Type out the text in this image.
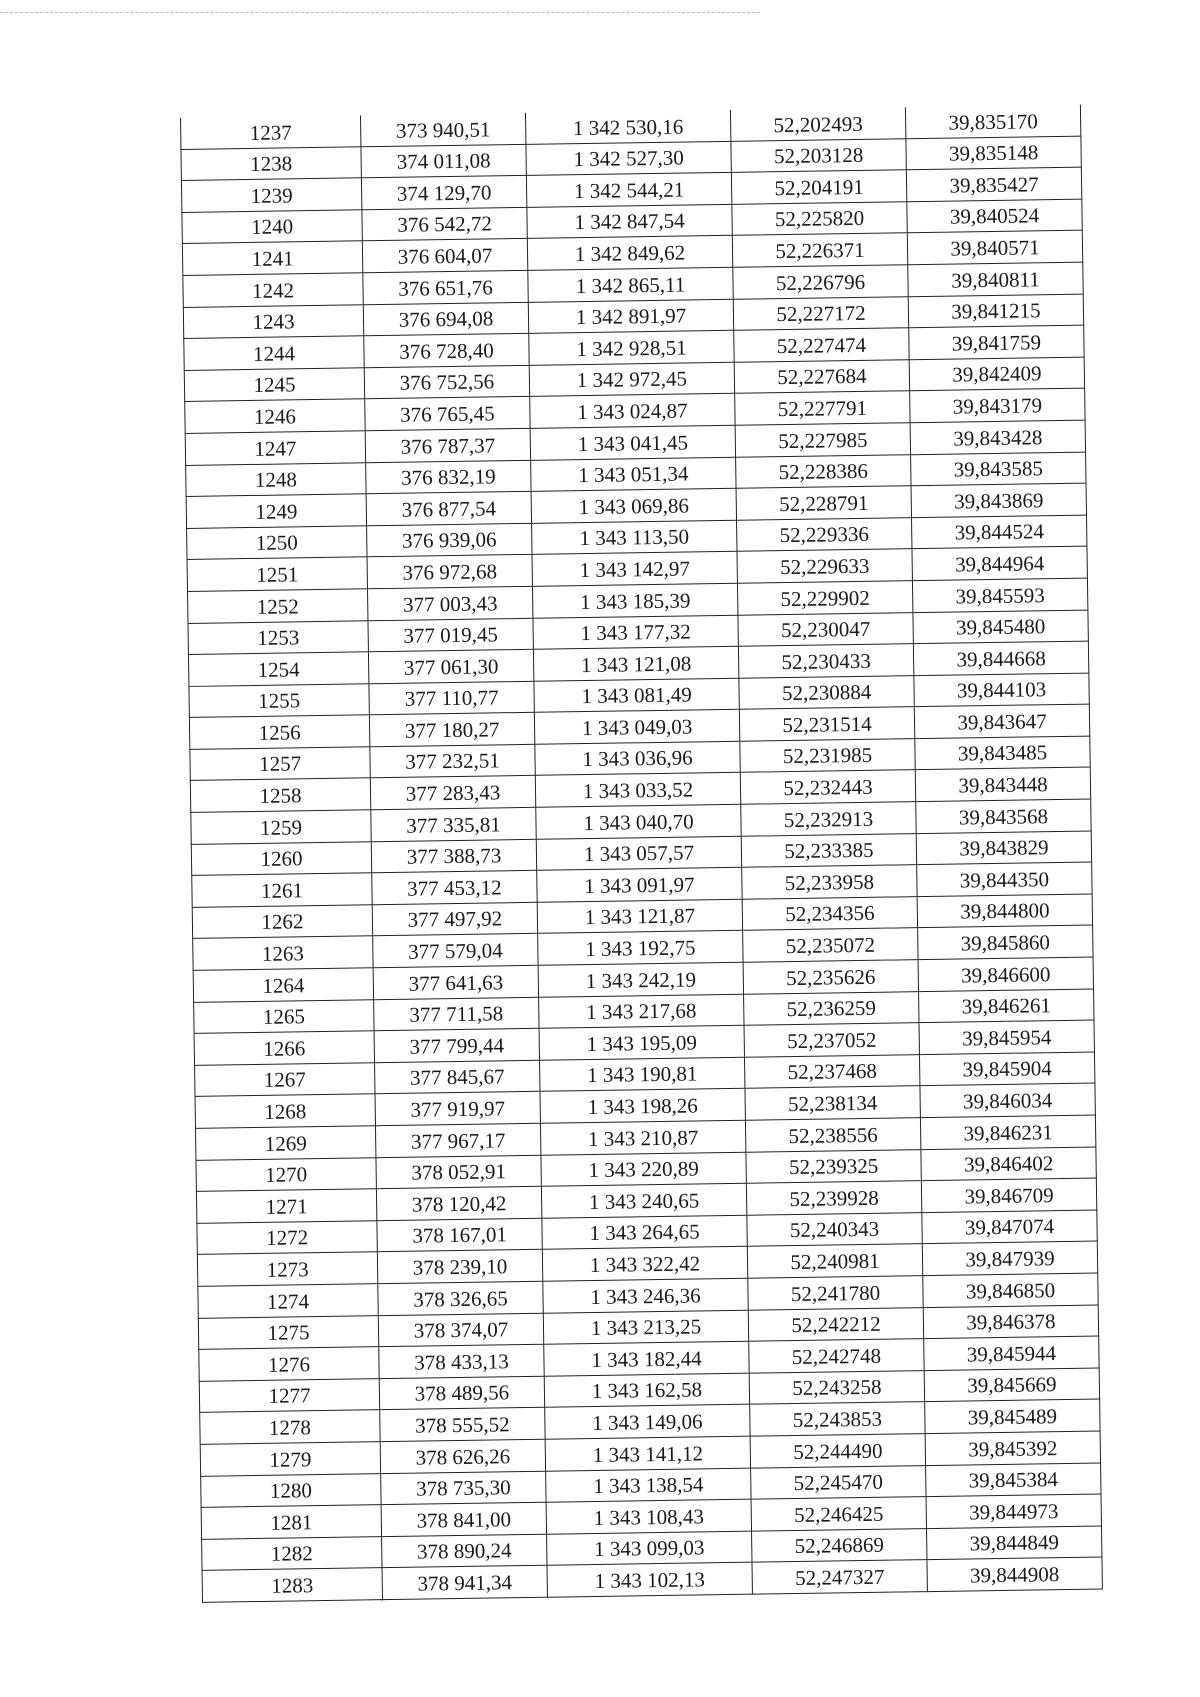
1237	373 940,51	1 342 530,16	52,202493	39,835170
1238	374 011,08	1 342 527,30	52,203128	39,835148
1239	374 129,70	1 342 544,21	52,204191	39,835427
1240	376 542,72	1 342 847,54	52,225820	39,840524
1241	376 604,07	1 342 849,62	52,226371	39,840571
1242	376 651,76	1 342 865,11	52,226796	39,840811
1243	376 694,08	1 342 891,97	52,227172	39,841215
1244	376 728,40	1 342 928,51	52,227474	39,841759
1245	376 752,56	1 342 972,45	52,227684	39,842409
1246	376 765,45	1 343 024,87	52,227791	39,843179
1247	376 787,37	1 343 041,45	52,227985	39,843428
1248	376 832,19	1 343 051,34	52,228386	39,843585
1249	376 877,54	1 343 069,86	52,228791	39,843869
1250	376 939,06	1 343 113,50	52,229336	39,844524
1251	376 972,68	1 343 142,97	52,229633	39,844964
1252	377 003,43	1 343 185,39	52,229902	39,845593
1253	377 019,45	1 343 177,32	52,230047	39,845480
1254	377 061,30	1 343 121,08	52,230433	39,844668
1255	377 110,77	1 343 081,49	52,230884	39,844103
1256	377 180,27	1 343 049,03	52,231514	39,843647
1257	377 232,51	1 343 036,96	52,231985	39,843485
1258	377 283,43	1 343 033,52	52,232443	39,843448
1259	377 335,81	1 343 040,70	52,232913	39,843568
1260	377 388,73	1 343 057,57	52,233385	39,843829
1261	377 453,12	1 343 091,97	52,233958	39,844350
1262	377 497,92	1 343 121,87	52,234356	39,844800
1263	377 579,04	1 343 192,75	52,235072	39,845860
1264	377 641,63	1 343 242,19	52,235626	39,846600
1265	377 711,58	1 343 217,68	52,236259	39,846261
1266	377 799,44	1 343 195,09	52,237052	39,845954
1267	377 845,67	1 343 190,81	52,237468	39,845904
1268	377 919,97	1 343 198,26	52,238134	39,846034
1269	377 967,17	1 343 210,87	52,238556	39,846231
1270	378 052,91	1 343 220,89	52,239325	39,846402
1271	378 120,42	1 343 240,65	52,239928	39,846709
1272	378 167,01	1 343 264,65	52,240343	39,847074
1273	378 239,10	1 343 322,42	52,240981	39,847939
1274	378 326,65	1 343 246,36	52,241780	39,846850
1275	378 374,07	1 343 213,25	52,242212	39,846378
1276	378 433,13	1 343 182,44	52,242748	39,845944
1277	378 489,56	1 343 162,58	52,243258	39,845669
1278	378 555,52	1 343 149,06	52,243853	39,845489
1279	378 626,26	1 343 141,12	52,244490	39,845392
1280	378 735,30	1 343 138,54	52,245470	39,845384
1281	378 841,00	1 343 108,43	52,246425	39,844973
1282	378 890,24	1 343 099,03	52,246869	39,844849
1283	378 941,34	1 343 102,13	52,247327	39,844908
